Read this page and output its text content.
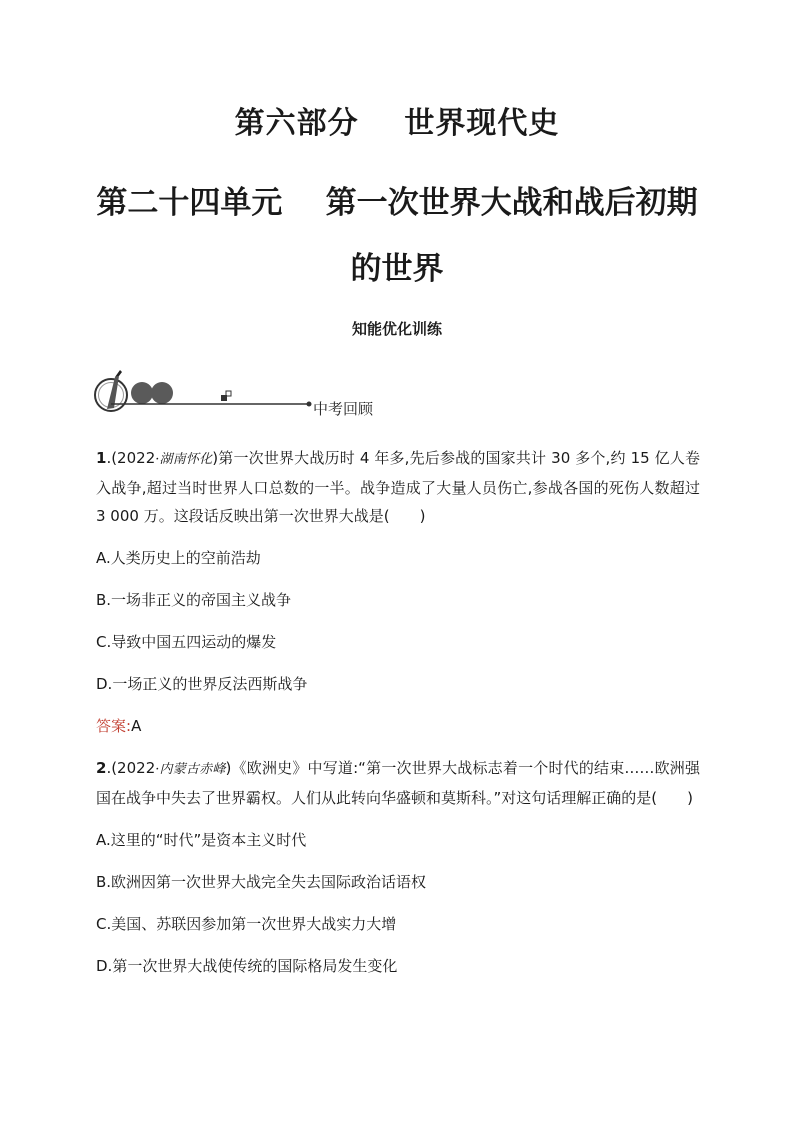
第六部分    世界现代史
第二十四单元    第一次世界大战和战后初期的世界
知能优化训练
中考回顾

1.(2022·湖南怀化)第一次世界大战历时 4 年多,先后参战的国家共计 30 多个,约 15 亿人卷入战争,超过当时世界人口总数的一半。战争造成了大量人员伤亡,参战各国的死伤人数超过 3 000 万。这段话反映出第一次世界大战是(　　)

A.人类历史上的空前浩劫

B.一场非正义的帝国主义战争

C.导致中国五四运动的爆发

D.一场正义的世界反法西斯战争

答案:A

2.(2022·内蒙古赤峰)《欧洲史》中写道:“第一次世界大战标志着一个时代的结束……欧洲强国在战争中失去了世界霸权。人们从此转向华盛顿和莫斯科。”对这句话理解正确的是(　　)

A.这里的“时代”是资本主义时代

B.欧洲因第一次世界大战完全失去国际政治话语权

C.美国、苏联因参加第一次世界大战实力大增

D.第一次世界大战使传统的国际格局发生变化
